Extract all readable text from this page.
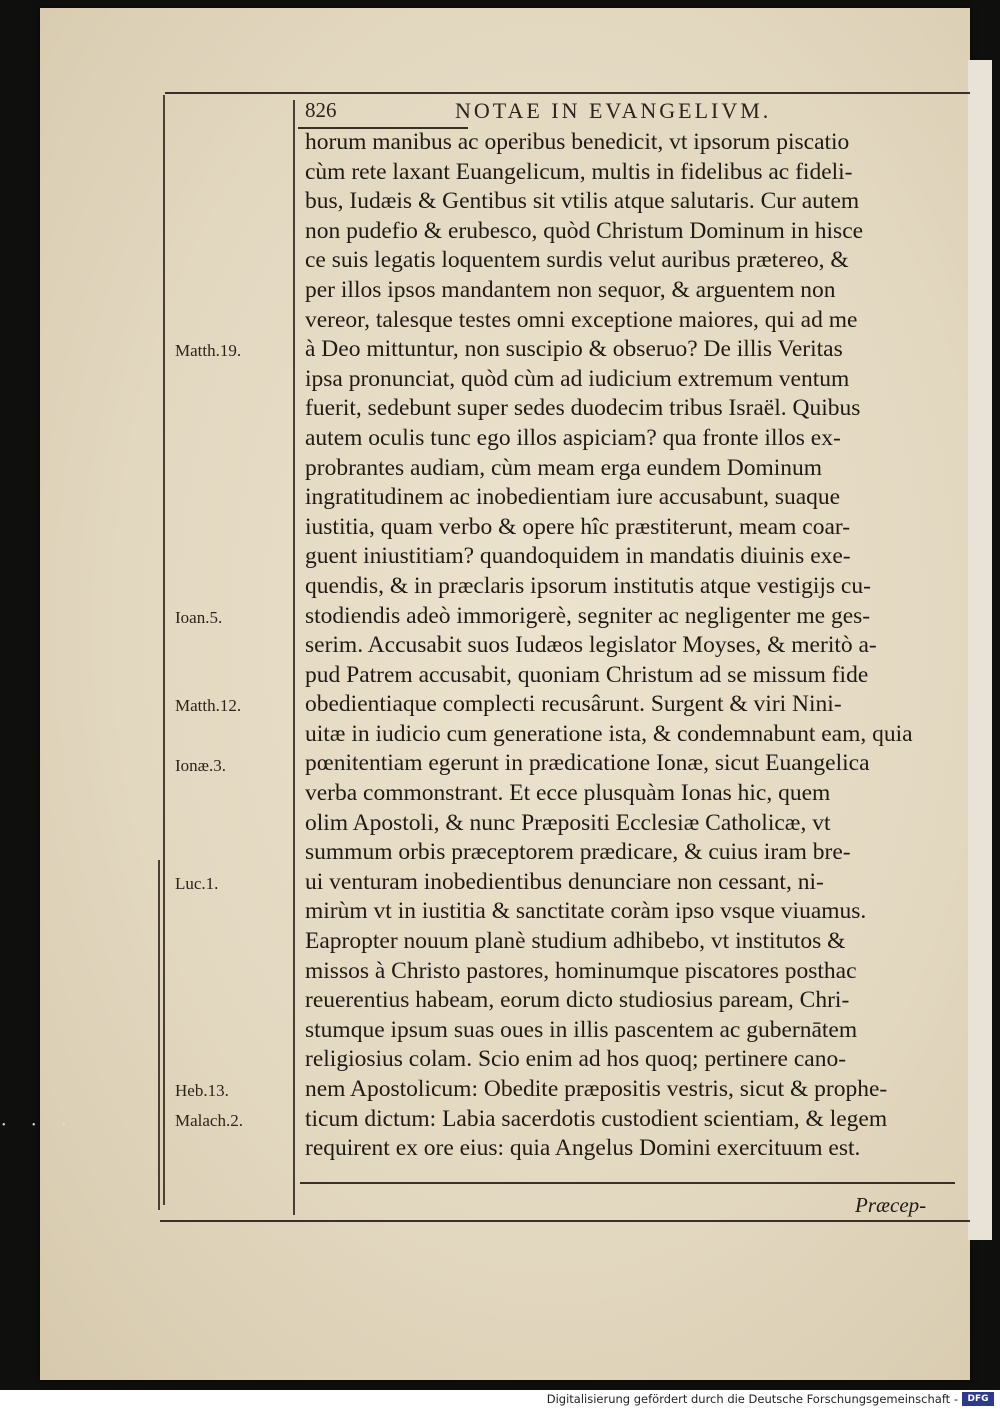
• • •
826	NOTAE IN EVANGELIVM.
horum manibus ac operibus benedicit, vt ipsorum piscatio
cùm rete laxant Euangelicum, multis in fidelibus ac fideli-
bus, Iudæis & Gentibus sit vtilis atque salutaris. Cur autem
non pudefio & erubesco, quòd Christum Dominum in hisce
ce suis legatis loquentem surdis velut auribus prætereo, &
per illos ipsos mandantem non sequor, & arguentem non
vereor, talesque testes omni exceptione maiores, qui ad me
à Deo mittuntur, non suscipio & obseruo? De illis Veritas
ipsa pronunciat, quòd cùm ad iudicium extremum ventum
fuerit, sedebunt super sedes duodecim tribus Israël. Quibus
autem oculis tunc ego illos aspiciam? qua fronte illos ex-
probrantes audiam, cùm meam erga eundem Dominum
ingratitudinem ac inobedientiam iure accusabunt, suaque
iustitia, quam verbo & opere hîc præstiterunt, meam coar-
guent iniustitiam? quandoquidem in mandatis diuinis exe-
quendis, & in præclaris ipsorum institutis atque vestigijs cu-
stodiendis adeò immorigerè, segniter ac negligenter me ges-
serim. Accusabit suos Iudæos legislator Moyses, & meritò a-
pud Patrem accusabit, quoniam Christum ad se missum fide
obedientiaque complecti recusârunt. Surgent & viri Nini-
uitæ in iudicio cum generatione ista, & condemnabunt eam, quia
pœnitentiam egerunt in prædicatione Ionæ, sicut Euangelica
verba commonstrant. Et ecce plusquàm Ionas hic, quem
olim Apostoli, & nunc Præpositi Ecclesiæ Catholicæ, vt
summum orbis præceptorem prædicare, & cuius iram bre-
ui venturam inobedientibus denunciare non cessant, ni-
mirùm vt in iustitia & sanctitate coràm ipso vsque viuamus.
Eapropter nouum planè studium adhibebo, vt institutos &
missos à Christo pastores, hominumque piscatores posthac
reuerentius habeam, eorum dicto studiosius paream, Chri-
stumque ipsum suas oues in illis pascentem ac gubernātem
religiosius colam. Scio enim ad hos quoq; pertinere cano-
nem Apostolicum: Obedite præpositis vestris, sicut & prophe-
ticum dictum: Labia sacerdotis custodient scientiam, & legem
requirent ex ore eius: quia Angelus Domini exercituum est.
Matth.19.
Ioan.5.
Matth.12.
Ionæ.3.
Luc.1.
Heb.13.
Malach.2.
Præcep-
Digitalisierung gefördert durch die Deutsche Forschungsgemeinschaft -	DFG
